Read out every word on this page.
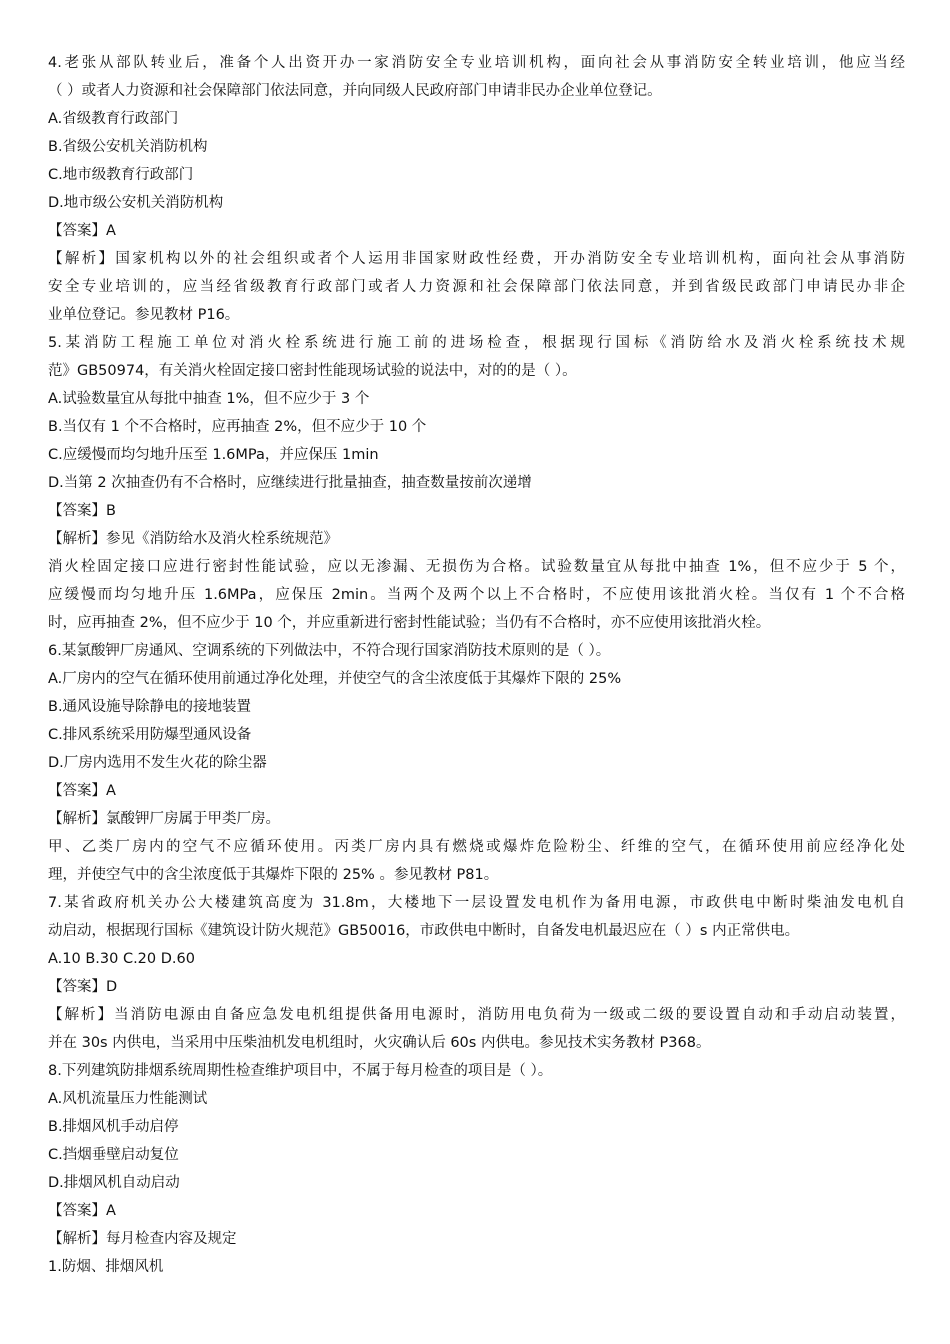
4.老张从部队转业后，准备个人出资开办一家消防安全专业培训机构，面向社会从事消防安全转业培训，他应当经
（ ）或者人力资源和社会保障部门依法同意，并向同级人民政府部门申请非民办企业单位登记。
A.省级教育行政部门
B.省级公安机关消防机构
C.地市级教育行政部门
D.地市级公安机关消防机构
【答案】A
【解析】国家机构以外的社会组织或者个人运用非国家财政性经费，开办消防安全专业培训机构，面向社会从事消防
安全专业培训的，应当经省级教育行政部门或者人力资源和社会保障部门依法同意，并到省级民政部门申请民办非企
业单位登记。参见教材 P16。
5.某消防工程施工单位对消火栓系统进行施工前的进场检查，根据现行国标《消防给水及消火栓系统技术规
范》GB50974，有关消火栓固定接口密封性能现场试验的说法中，对的的是（ ）。
A.试验数量宜从每批中抽查 1%，但不应少于 3 个
B.当仅有 1 个不合格时，应再抽查 2%，但不应少于 10 个
C.应缓慢而均匀地升压至 1.6MPa，并应保压 1min
D.当第 2 次抽查仍有不合格时，应继续进行批量抽查，抽查数量按前次递增
【答案】B
【解析】参见《消防给水及消火栓系统规范》
消火栓固定接口应进行密封性能试验，应以无渗漏、无损伤为合格。试验数量宜从每批中抽查 1%，但不应少于 5 个，
应缓慢而均匀地升压 1.6MPa，应保压 2min。当两个及两个以上不合格时，不应使用该批消火栓。当仅有 1 个不合格
时，应再抽查 2%，但不应少于 10 个，并应重新进行密封性能试验；当仍有不合格时，亦不应使用该批消火栓。
6.某氯酸钾厂房通风、空调系统的下列做法中，不符合现行国家消防技术原则的是（ ）。
A.厂房内的空气在循环使用前通过净化处理，并使空气的含尘浓度低于其爆炸下限的 25%
B.通风设施导除静电的接地装置
C.排风系统采用防爆型通风设备
D.厂房内选用不发生火花的除尘器
【答案】A
【解析】氯酸钾厂房属于甲类厂房。
甲、乙类厂房内的空气不应循环使用。丙类厂房内具有燃烧或爆炸危险粉尘、纤维的空气，在循环使用前应经净化处
理，并使空气中的含尘浓度低于其爆炸下限的 25% 。参见教材 P81。
7.某省政府机关办公大楼建筑高度为 31.8m，大楼地下一层设置发电机作为备用电源，市政供电中断时柴油发电机自
动启动，根据现行国标《建筑设计防火规范》GB50016，市政供电中断时，自备发电机最迟应在（ ）s 内正常供电。
A.10 B.30 C.20 D.60
【答案】D
【解析】当消防电源由自备应急发电机组提供备用电源时，消防用电负荷为一级或二级的要设置自动和手动启动装置，
并在 30s 内供电，当采用中压柴油机发电机组时，火灾确认后 60s 内供电。参见技术实务教材 P368。
8.下列建筑防排烟系统周期性检查维护项目中，不属于每月检查的项目是（ ）。
A.风机流量压力性能测试
B.排烟风机手动启停
C.挡烟垂壁启动复位
D.排烟风机自动启动
【答案】A
【解析】每月检查内容及规定
1.防烟、排烟风机
